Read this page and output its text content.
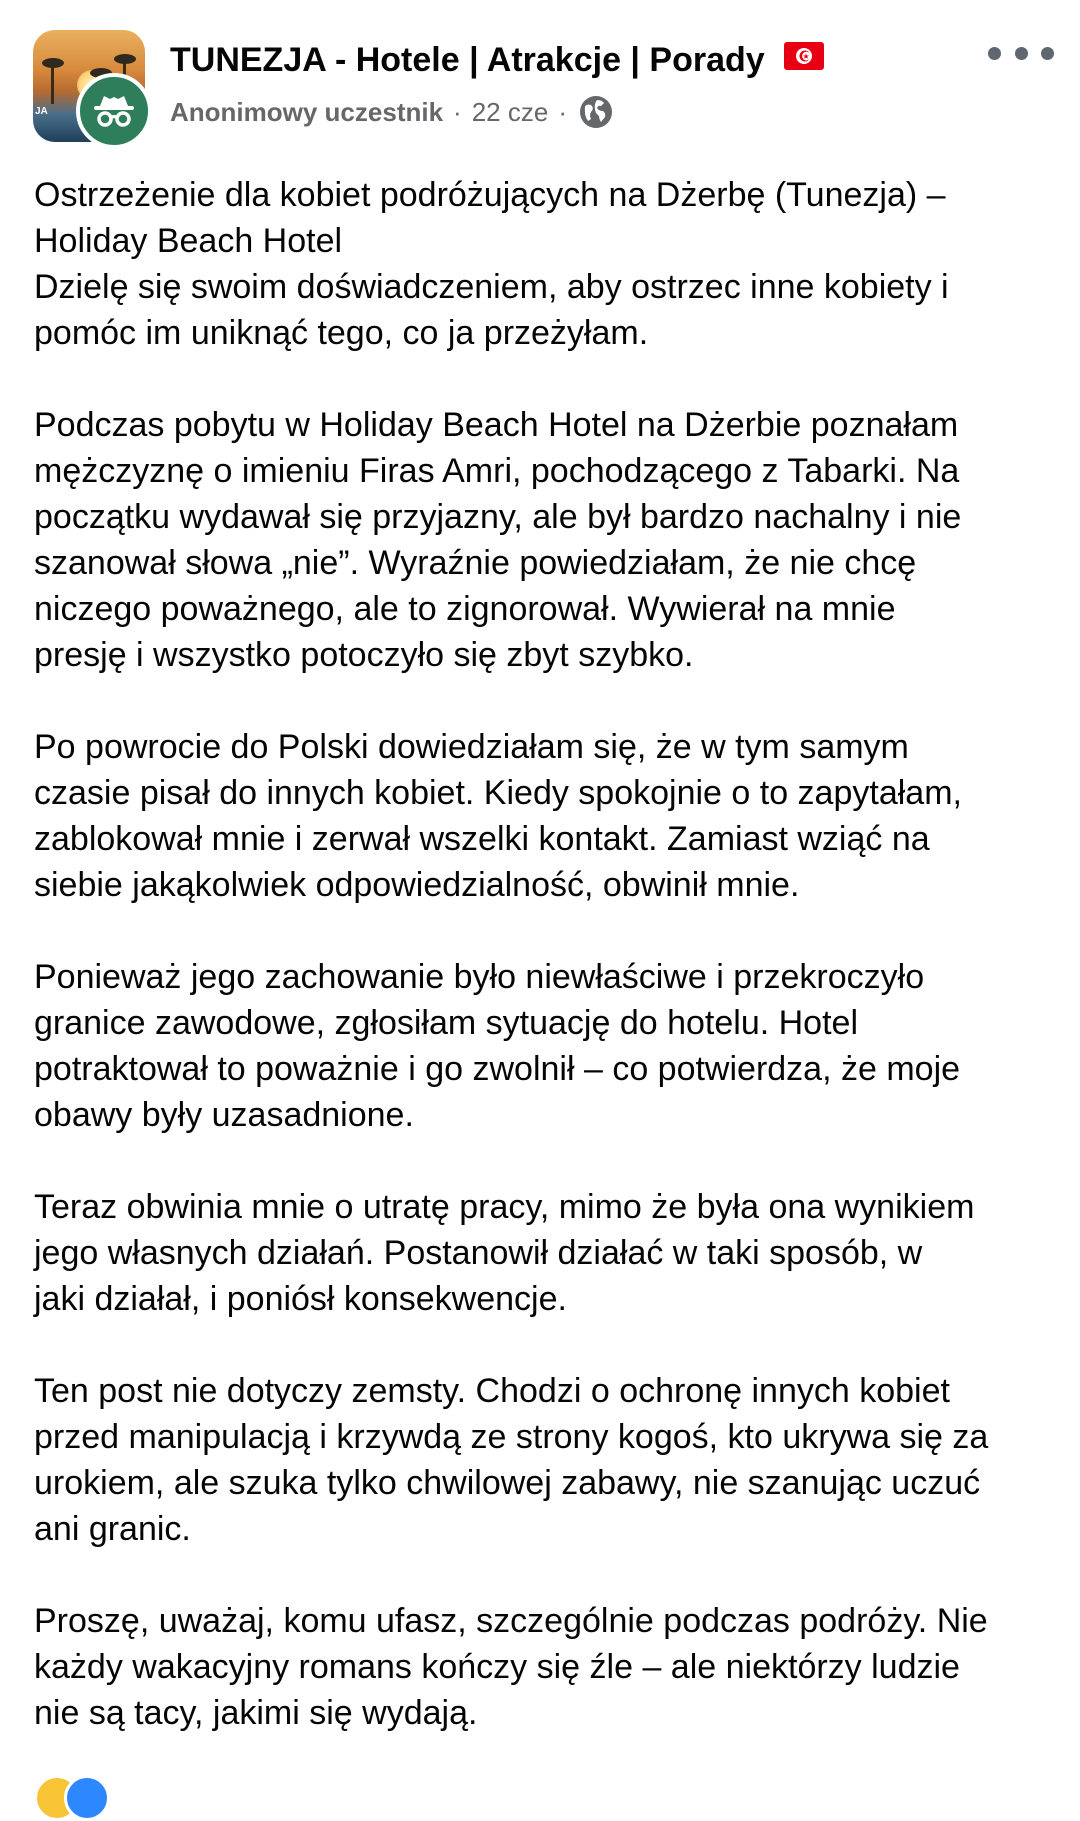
JA
TUNEZJA - Hotele | Atrakcje | Porady
Anonimowy uczestnik · 22 cze ·

Ostrzeżenie dla kobiet podróżujących na Dżerbę (Tunezja) –
Holiday Beach Hotel
Dzielę się swoim doświadczeniem, aby ostrzec inne kobiety i
pomóc im uniknąć tego, co ja przeżyłam.

Podczas pobytu w Holiday Beach Hotel na Dżerbie poznałam
mężczyznę o imieniu Firas Amri, pochodzącego z Tabarki. Na
początku wydawał się przyjazny, ale był bardzo nachalny i nie
szanował słowa „nie”. Wyraźnie powiedziałam, że nie chcę
niczego poważnego, ale to zignorował. Wywierał na mnie
presję i wszystko potoczyło się zbyt szybko.

Po powrocie do Polski dowiedziałam się, że w tym samym
czasie pisał do innych kobiet. Kiedy spokojnie o to zapytałam,
zablokował mnie i zerwał wszelki kontakt. Zamiast wziąć na
siebie jakąkolwiek odpowiedzialność, obwinił mnie.

Ponieważ jego zachowanie było niewłaściwe i przekroczyło
granice zawodowe, zgłosiłam sytuację do hotelu. Hotel
potraktował to poważnie i go zwolnił – co potwierdza, że moje
obawy były uzasadnione.

Teraz obwinia mnie o utratę pracy, mimo że była ona wynikiem
jego własnych działań. Postanowił działać w taki sposób, w
jaki działał, i poniósł konsekwencje.

Ten post nie dotyczy zemsty. Chodzi o ochronę innych kobiet
przed manipulacją i krzywdą ze strony kogoś, kto ukrywa się za
urokiem, ale szuka tylko chwilowej zabawy, nie szanując uczuć
ani granic.

Proszę, uważaj, komu ufasz, szczególnie podczas podróży. Nie
każdy wakacyjny romans kończy się źle – ale niektórzy ludzie
nie są tacy, jakimi się wydają.
